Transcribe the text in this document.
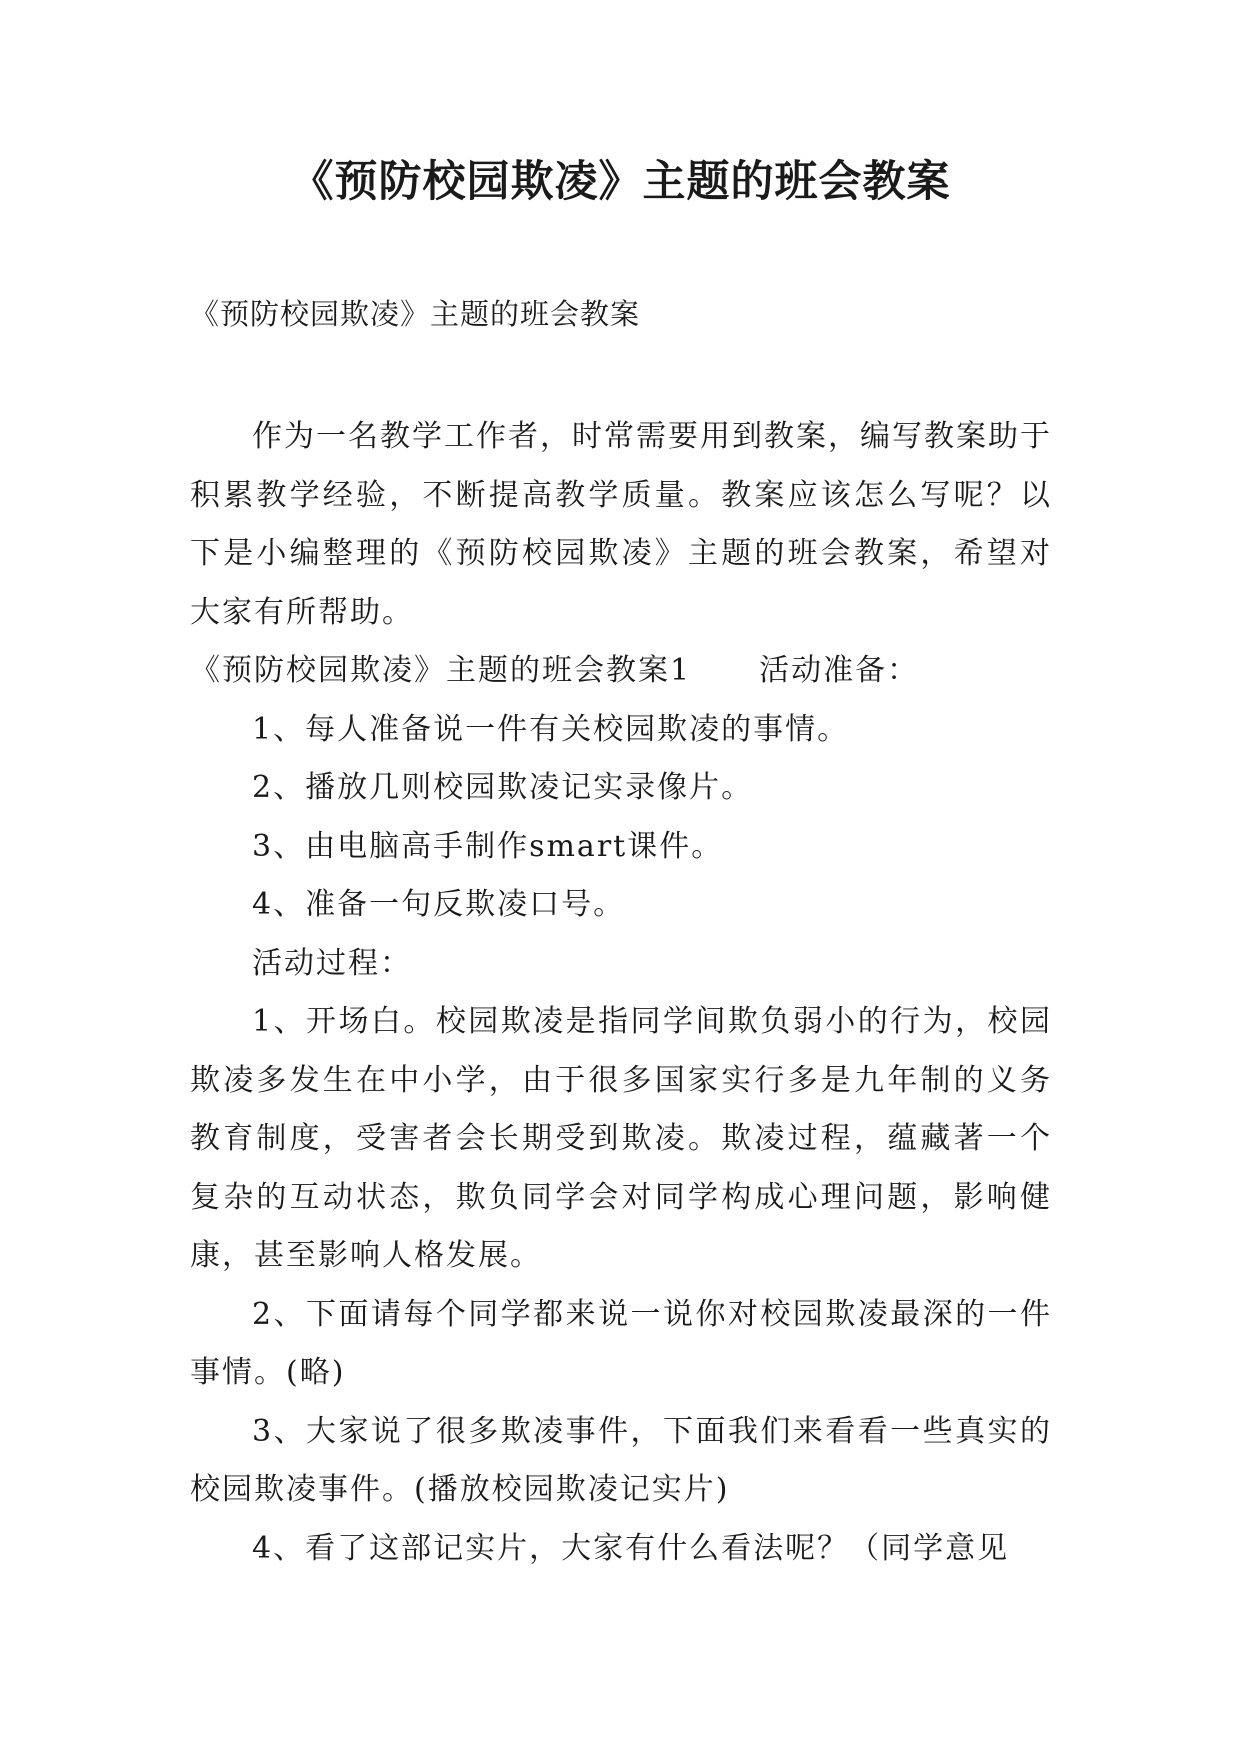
《预防校园欺凌》主题的班会教案

《预防校园欺凌》主题的班会教案

作为一名教学工作者，时常需要用到教案，编写教案助于积累教学经验，不断提高教学质量。教案应该怎么写呢？以下是小编整理的《预防校园欺凌》主题的班会教案，希望对大家有所帮助。

《预防校园欺凌》主题的班会教案1 活动准备：

1、每人准备说一件有关校园欺凌的事情。

2、播放几则校园欺凌记实录像片。

3、由电脑高手制作smart课件。

4、准备一句反欺凌口号。

活动过程：

1、开场白。校园欺凌是指同学间欺负弱小的行为，校园欺凌多发生在中小学，由于很多国家实行多是九年制的义务教育制度，受害者会长期受到欺凌。欺凌过程，蕴藏著一个复杂的互动状态，欺负同学会对同学构成心理问题，影响健康，甚至影响人格发展。

2、下面请每个同学都来说一说你对校园欺凌最深的一件事情。(略)

3、大家说了很多欺凌事件，下面我们来看看一些真实的校园欺凌事件。(播放校园欺凌记实片)

4、看了这部记实片，大家有什么看法呢？（同学意见
